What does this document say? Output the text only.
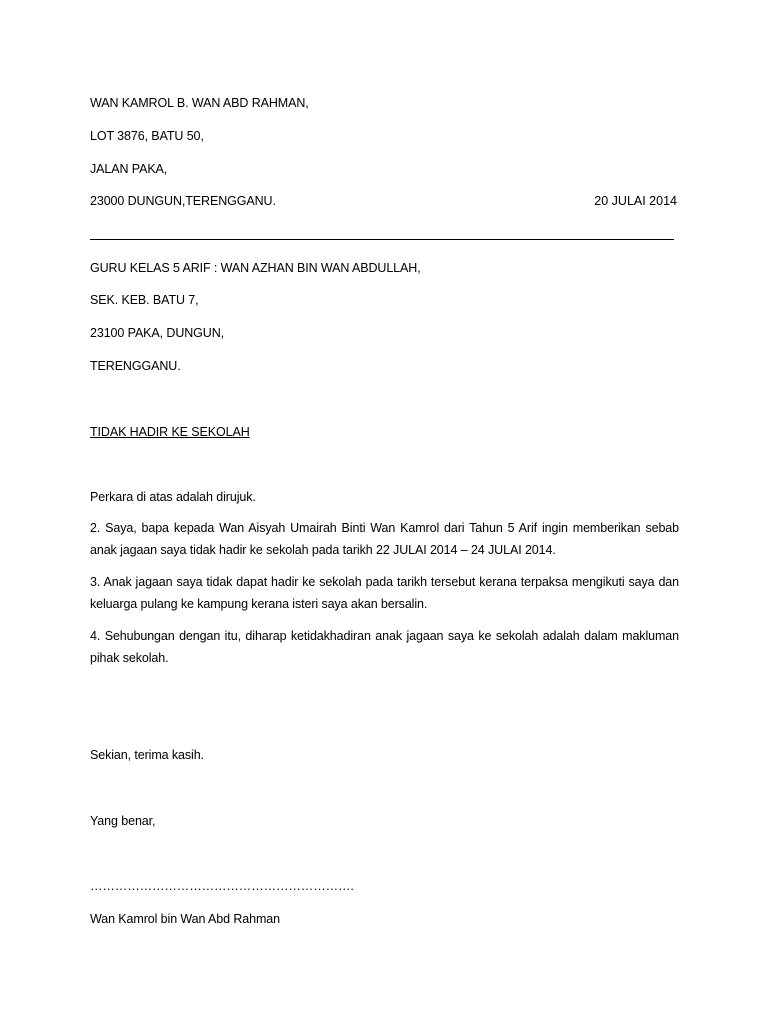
WAN KAMROL B. WAN ABD RAHMAN,
LOT 3876, BATU 50,
JALAN PAKA,
23000 DUNGUN,TERENGGANU.	20 JULAI 2014
GURU KELAS 5 ARIF : WAN AZHAN BIN WAN ABDULLAH,
SEK. KEB. BATU 7,
23100 PAKA, DUNGUN,
TERENGGANU.
TIDAK HADIR KE SEKOLAH
Perkara di atas adalah dirujuk.
2. Saya, bapa kepada Wan Aisyah Umairah Binti Wan Kamrol dari Tahun 5 Arif ingin memberikan sebab anak jagaan saya tidak hadir ke sekolah pada tarikh 22 JULAI 2014 – 24 JULAI 2014.
3. Anak jagaan saya tidak dapat hadir ke sekolah pada tarikh tersebut kerana terpaksa mengikuti saya dan keluarga pulang ke kampung kerana isteri saya akan bersalin.
4. Sehubungan dengan itu, diharap ketidakhadiran anak jagaan saya ke sekolah adalah dalam makluman pihak sekolah.
Sekian, terima kasih.
Yang benar,
……………………………………………………….
Wan Kamrol bin Wan Abd Rahman
